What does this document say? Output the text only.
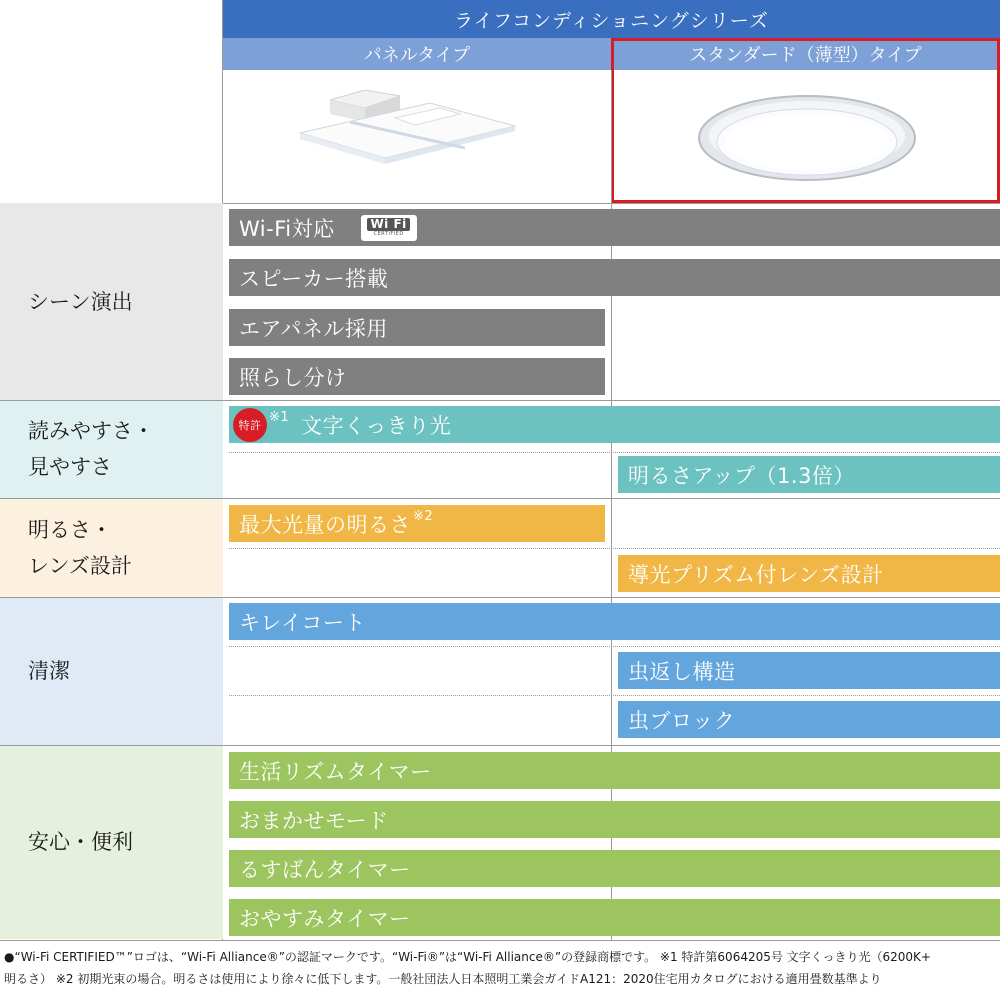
ライフコンディショニングシリーズ
パネルタイプ	スタンダード（薄型）タイプ
シーン演出
読みやすさ・
見やすさ
明るさ・
レンズ設計
清潔
安心・便利
Wi-Fi対応	Wi Fi
CERTIFIED
スピーカー搭載
エアパネル採用
照らし分け
特許 ※1 文字くっきり光
明るさアップ（1.3倍）
最大光量の明るさ ※2
導光プリズム付レンズ設計
キレイコート
虫返し構造
虫ブロック
生活リズムタイマー
おまかせモード
るすばんタイマー
おやすみタイマー
●“Wi-Fi CERTIFIED™”ロゴは、“Wi-Fi Alliance®”の認証マークです。“Wi-Fi®”は“Wi-Fi Alliance®”の登録商標です。 ※1 特許第6064205号 文字くっきり光（6200K+
明るさ） ※2 初期光束の場合。明るさは使用により徐々に低下します。一般社団法人日本照明工業会ガイドA121：2020住宅用カタログにおける適用畳数基準より
